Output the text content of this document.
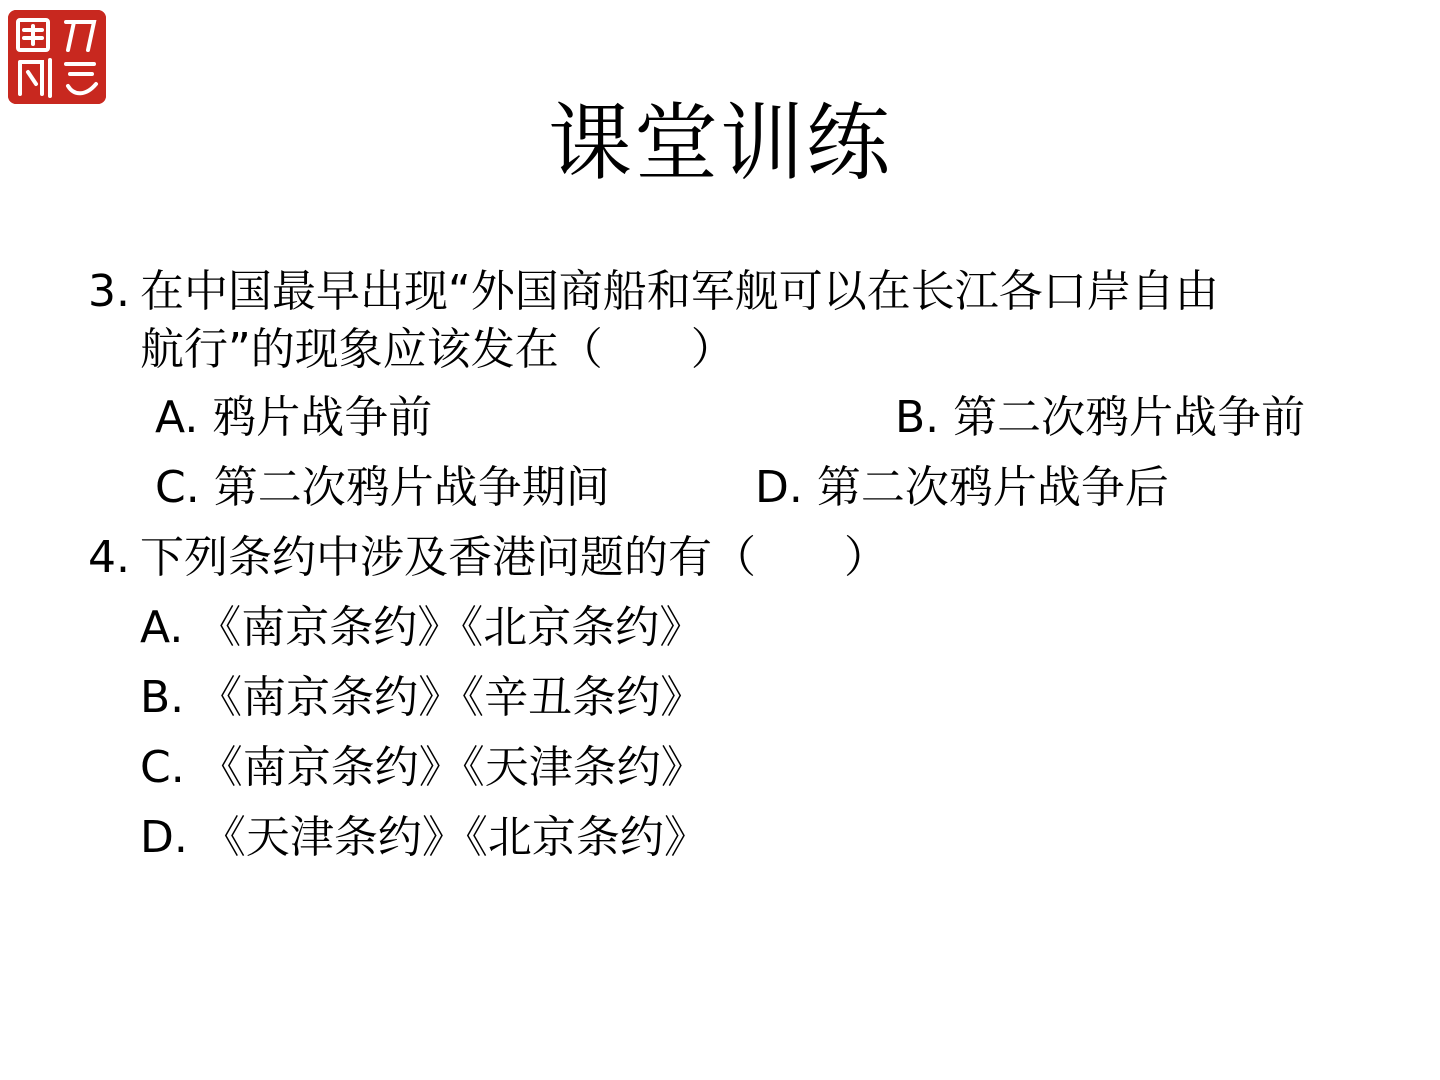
课堂训练
3. 在中国最早出现“外国商船和军舰可以在长江各口岸自由
航行”的现象应该发在（　　）
A. 鸦片战争前	B. 第二次鸦片战争前
C. 第二次鸦片战争期间	D. 第二次鸦片战争后
4. 下列条约中涉及香港问题的有（　　）
A. 《南京条约》《北京条约》
B. 《南京条约》《辛丑条约》
C. 《南京条约》《天津条约》
D. 《天津条约》《北京条约》
